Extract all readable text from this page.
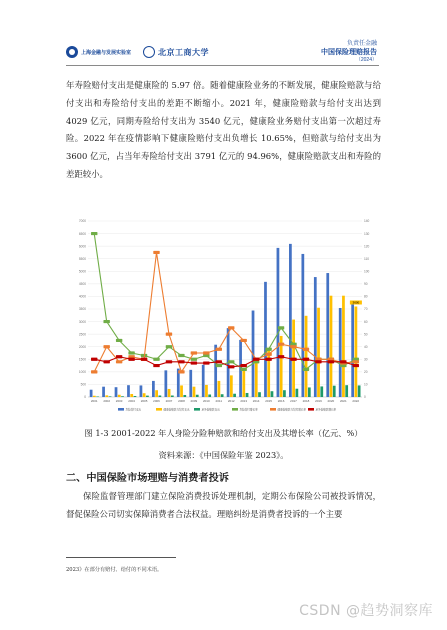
上海金融与发展实验室	北京工商大学
负责任金融
中国保险理赔报告
（2024）

年寿险赔付支出是健康险的 5.97 倍。随着健康险业务的不断发展，健康险赔款与给付支出和寿险给付支出的差距不断缩小。2021 年，健康险赔款与给付支出达到 4029 亿元，同期寿险给付支出为 3540 亿元，健康险业务赔付支出第一次超过寿险。2022 年在疫情影响下健康险赔付支出负增长 10.65%，但赔款与给付支出为 3600 亿元，占当年寿险给付支出 3791 亿元的 94.96%，健康险赔款支出和寿险的差距较小。

0
500
1000
1500
2000
2500
3000
3500
4000
4500
5000
5500
6000
6500
7000
0
10
20
30
40
50
60
70
80
90
100
110
120
130
140
3600
2001 2002 2003 2004 2005 2006 2007 2008 2009 2010 2011 2012 2013 2014 2015 2016 2017 2018 2019 2020 2021 2022
寿险给付支出	健康险赔款与给付支出	意外险赔款支出	寿险给付增长率	健康险赔款与给付增长率	意外险赔款增长率

图 1-3 2001-2022 年人身险分险种赔款和给付支出及其增长率（亿元、%）

资料来源：《中国保险年鉴 2023》。

二、中国保险市场理赔与消费者投诉

保险监督管理部门建立保险消费投诉处理机制，定期公布保险公司被投诉情况，督促保险公司切实保障消费者合法权益。理赔纠纷是消费者投诉的一个主要

2023》在部分有赔付、给付的不同术语。
CSDN @趋势洞察库
